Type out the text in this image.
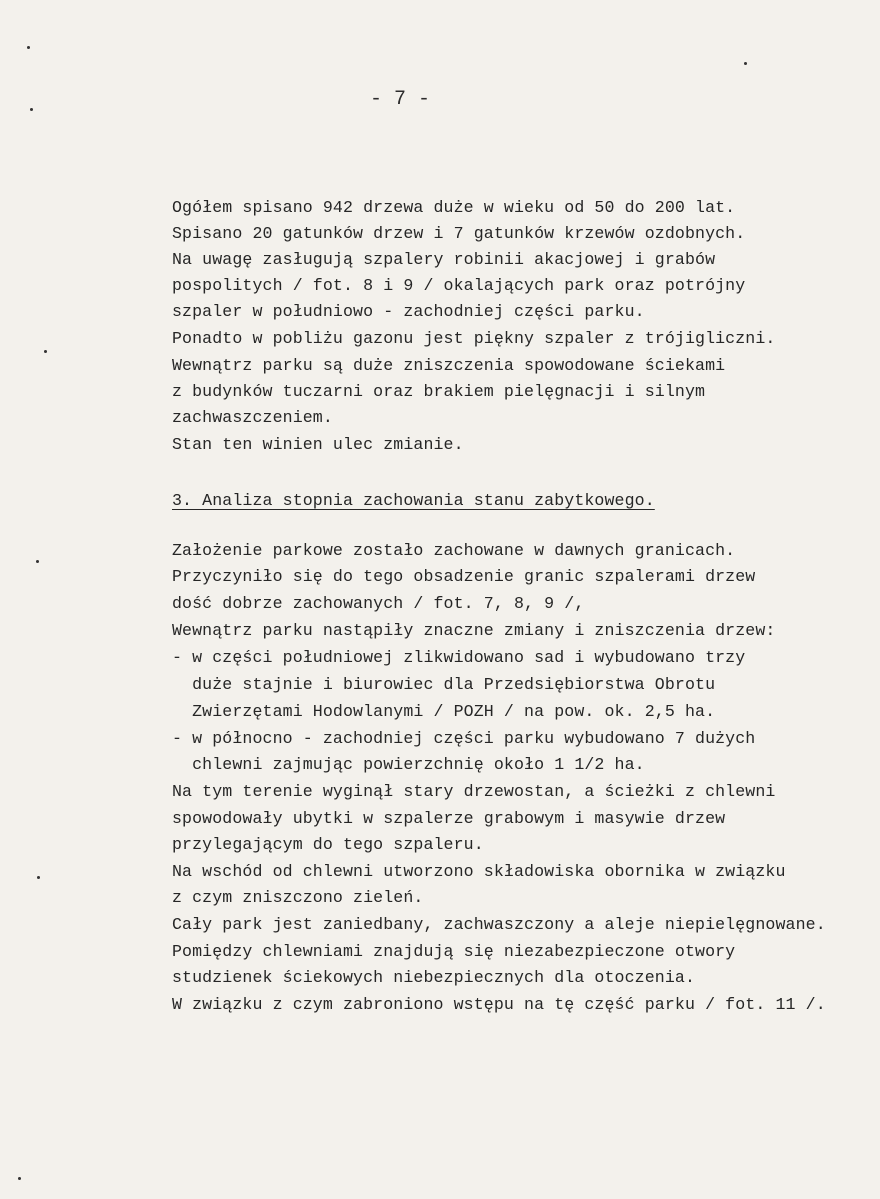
- 7 -
Ogółem spisano 942 drzewa duże w wieku od 50 do 200 lat.
Spisano 20 gatunków drzew i 7 gatunków krzewów ozdobnych.
Na uwagę zasługują szpalery robinii akacjowej i grabów
pospolitych / fot. 8 i 9 / okalających park oraz potrójny
szpaler w południowo - zachodniej części parku.
Ponadto w pobliżu gazonu jest piękny szpaler z trójiglicznі.
Wewnątrz parku są duże zniszczenia spowodowane ściekami
z budynków tuczarni oraz brakiem pielęgnacji i silnym
zachwaszczeniem.
Stan ten winien ulec zmianie.
3. Analiza stopnia zachowania stanu zabytkowego.
Założenie parkowe zostało zachowane w dawnych granicach.
Przyczyniło się do tego obsadzenie granic szpalerami drzew
dość dobrze zachowanych / fot. 7, 8, 9 /,
Wewnątrz parku nastąpiły znaczne zmiany i zniszczenia drzew:
- w części południowej zlikwidowano sad i wybudowano trzy
duże stajnie i biurowiec dla Przedsiębiorstwa Obrotu
Zwierzętami Hodowlanymi / POZH / na pow. ok. 2,5 ha.
- w północno - zachodniej części parku wybudowano 7 dużych
chlewni zajmując powierzchnię około 1 1/2 ha.
Na tym terenie wyginął stary drzewostan, a ścieżki z chlewni
spowodowały ubytki w szpalerze grabowym i masywie drzew
przylegającym do tego szpaleru.
Na wschód od chlewni utworzono składowiska obornika w związku
z czym zniszczono zieleń.
Cały park jest zaniedbany, zachwaszczony a aleje niepielęgnowane.
Pomiędzy chlewniami znajdują się niezabezpieczone otwory
studzienek ściekowych niebezpiecznych dla otoczenia.
W związku z czym zabroniono wstępu na tę część parku / fot. 11 /.
